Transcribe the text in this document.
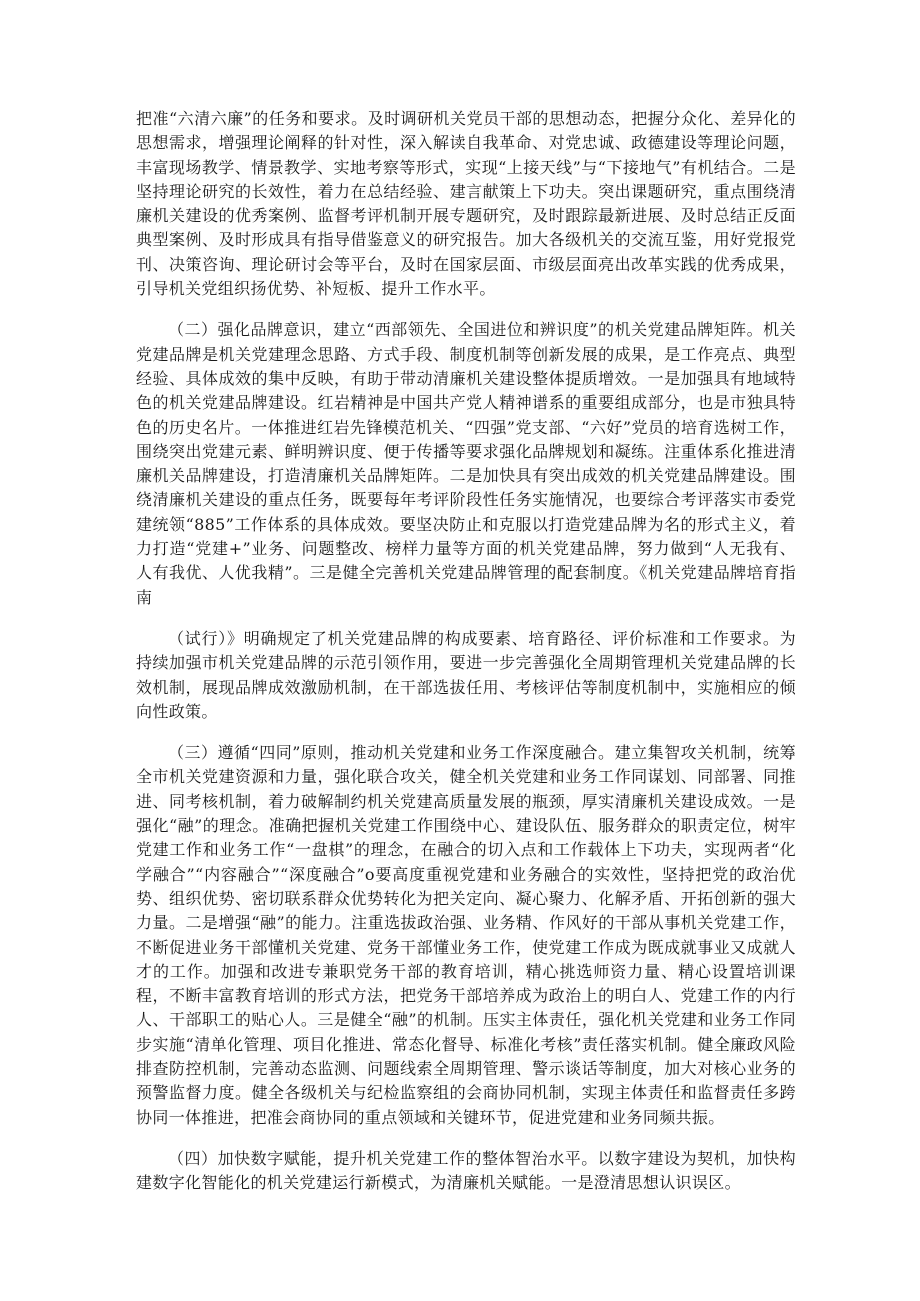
把准“六清六廉”的任务和要求。及时调研机关党员干部的思想动态，把握分众化、差异化的思想需求，增强理论阐释的针对性，深入解读自我革命、对党忠诚、政德建设等理论问题，丰富现场教学、情景教学、实地考察等形式，实现“上接天线”与“下接地气”有机结合。二是坚持理论研究的长效性，着力在总结经验、建言献策上下功夫。突出课题研究，重点围绕清廉机关建设的优秀案例、监督考评机制开展专题研究，及时跟踪最新进展、及时总结正反面典型案例、及时形成具有指导借鉴意义的研究报告。加大各级机关的交流互鉴，用好党报党刊、决策咨询、理论研讨会等平台，及时在国家层面、市级层面亮出改革实践的优秀成果，引导机关党组织扬优势、补短板、提升工作水平。

（二）强化品牌意识，建立“西部领先、全国进位和辨识度”的机关党建品牌矩阵。机关党建品牌是机关党建理念思路、方式手段、制度机制等创新发展的成果，是工作亮点、典型经验、具体成效的集中反映，有助于带动清廉机关建设整体提质增效。一是加强具有地域特色的机关党建品牌建设。红岩精神是中国共产党人精神谱系的重要组成部分，也是市独具特色的历史名片。一体推进红岩先锋模范机关、“四强”党支部、“六好”党员的培育选树工作，围绕突出党建元素、鲜明辨识度、便于传播等要求强化品牌规划和凝练。注重体系化推进清廉机关品牌建设，打造清廉机关品牌矩阵。二是加快具有突出成效的机关党建品牌建设。围绕清廉机关建设的重点任务，既要每年考评阶段性任务实施情况，也要综合考评落实市委党建统领“885”工作体系的具体成效。要坚决防止和克服以打造党建品牌为名的形式主义，着力打造“党建+”业务、问题整改、榜样力量等方面的机关党建品牌，努力做到“人无我有、人有我优、人优我精”。三是健全完善机关党建品牌管理的配套制度。《机关党建品牌培育指南

（试行）》明确规定了机关党建品牌的构成要素、培育路径、评价标准和工作要求。为持续加强市机关党建品牌的示范引领作用，要进一步完善强化全周期管理机关党建品牌的长效机制，展现品牌成效激励机制，在干部选拔任用、考核评估等制度机制中，实施相应的倾向性政策。

（三）遵循“四同”原则，推动机关党建和业务工作深度融合。建立集智攻关机制，统筹全市机关党建资源和力量，强化联合攻关，健全机关党建和业务工作同谋划、同部署、同推进、同考核机制，着力破解制约机关党建高质量发展的瓶颈，厚实清廉机关建设成效。一是强化“融”的理念。准确把握机关党建工作围绕中心、建设队伍、服务群众的职责定位，树牢党建工作和业务工作“一盘棋”的理念，在融合的切入点和工作载体上下功夫，实现两者“化学融合”“内容融合”“深度融合”o要高度重视党建和业务融合的实效性，坚持把党的政治优势、组织优势、密切联系群众优势转化为把关定向、凝心聚力、化解矛盾、开拓创新的强大力量。二是增强“融”的能力。注重选拔政治强、业务精、作风好的干部从事机关党建工作，不断促进业务干部懂机关党建、党务干部懂业务工作，使党建工作成为既成就事业又成就人才的工作。加强和改进专兼职党务干部的教育培训，精心挑选师资力量、精心设置培训课程，不断丰富教育培训的形式方法，把党务干部培养成为政治上的明白人、党建工作的内行人、干部职工的贴心人。三是健全“融”的机制。压实主体责任，强化机关党建和业务工作同步实施“清单化管理、项目化推进、常态化督导、标准化考核”责任落实机制。健全廉政风险排查防控机制，完善动态监测、问题线索全周期管理、警示谈话等制度，加大对核心业务的预警监督力度。健全各级机关与纪检监察组的会商协同机制，实现主体责任和监督责任多跨协同一体推进，把准会商协同的重点领域和关键环节，促进党建和业务同频共振。

（四）加快数字赋能，提升机关党建工作的整体智治水平。以数字建设为契机，加快构建数字化智能化的机关党建运行新模式，为清廉机关赋能。一是澄清思想认识误区。
